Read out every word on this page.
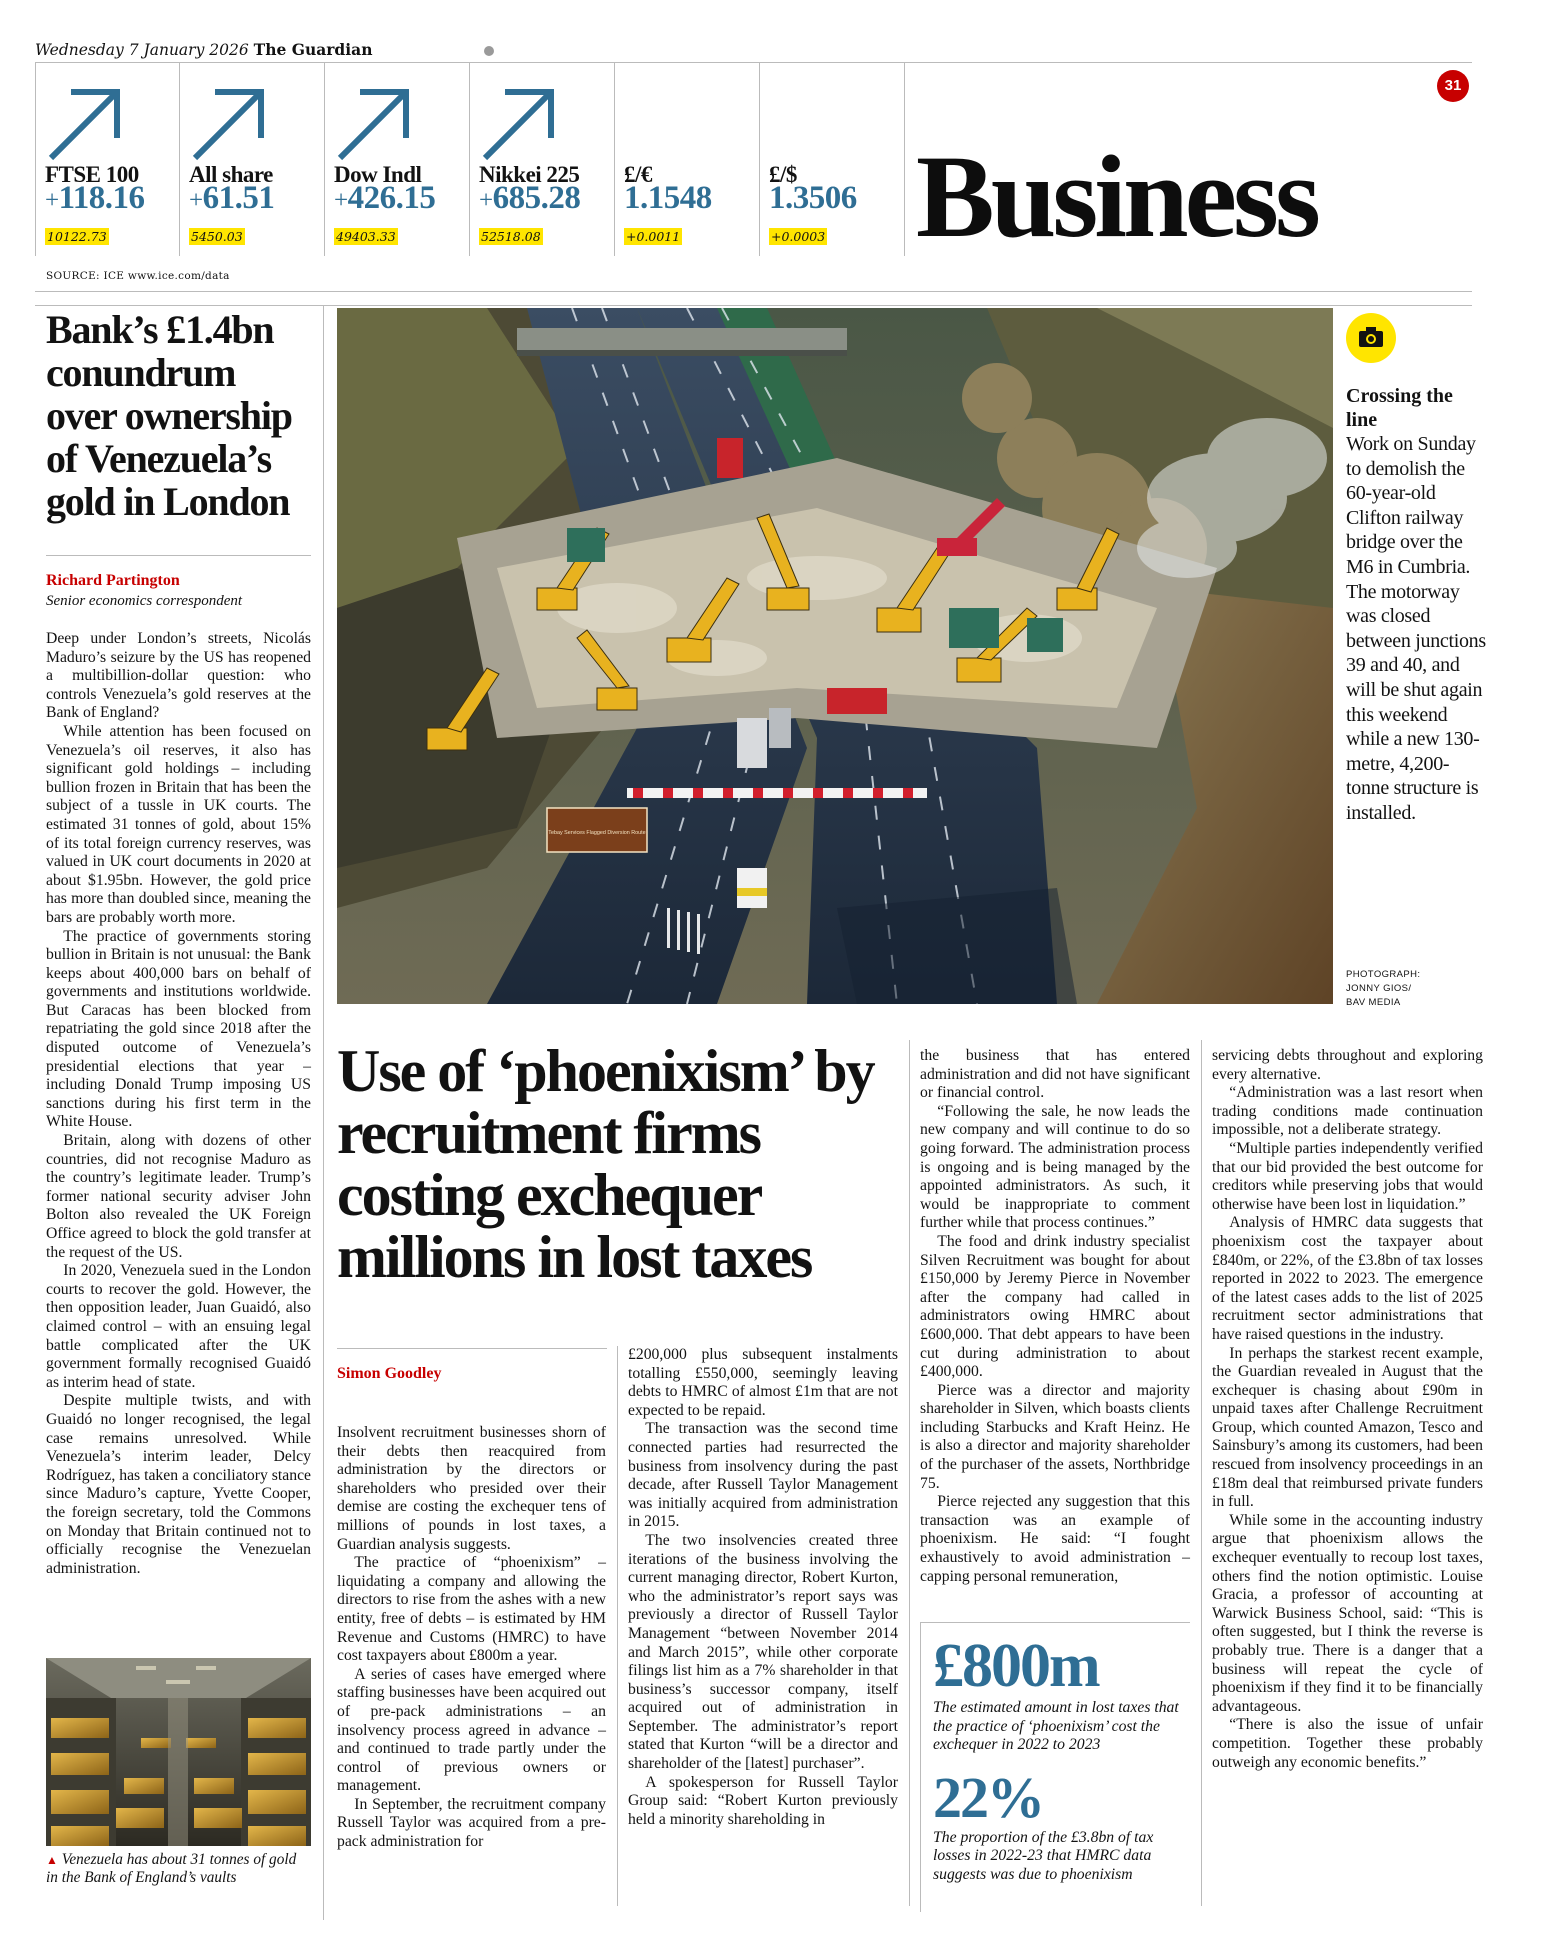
Wednesday 7 January 2026 The Guardian
FTSE 100
+118.16
10122.73
All share
+61.51
5450.03
Dow Indl
+426.15
49403.33
Nikkei 225
+685.28
52518.08
£/€
1.1548
+0.0011
£/$
1.3506
+0.0003
SOURCE: ICE www.ice.com/data
31
Business
Bank’s £1.4bn conundrum over ownership of Venezuela’s gold in London
Richard Partington
Senior economics correspondent

Deep under London’s streets, Nicolás Maduro’s seizure by the US has reopened a multibillion-dollar question: who controls Venezuela’s gold reserves at the Bank of England?

While attention has been focused on Venezuela’s oil reserves, it also has significant gold holdings – including bullion frozen in Britain that has been the subject of a tussle in UK courts. The estimated 31 tonnes of gold, about 15% of its total foreign currency reserves, was valued in UK court documents in 2020 at about $1.95bn. However, the gold price has more than doubled since, meaning the bars are probably worth more.

The practice of governments storing bullion in Britain is not unusual: the Bank keeps about 400,000 bars on behalf of governments and institutions worldwide. But Caracas has been blocked from repatriating the gold since 2018 after the disputed outcome of Venezuela’s presidential elections that year – including Donald Trump imposing US sanctions during his first term in the White House.

Britain, along with dozens of other countries, did not recognise Maduro as the country’s legitimate leader. Trump’s former national security adviser John Bolton also revealed the UK Foreign Office agreed to block the gold transfer at the request of the US.

In 2020, Venezuela sued in the London courts to recover the gold. However, the then opposition leader, Juan Guaidó, also claimed control – with an ensuing legal battle complicated after the UK government formally recognised Guaidó as interim head of state.

Despite multiple twists, and with Guaidó no longer recognised, the legal case remains unresolved. While Venezuela’s interim leader, Delcy Rodríguez, has taken a conciliatory stance since Maduro’s capture, Yvette Cooper, the foreign secretary, told the Commons on Monday that Britain continued not to officially recognise the Venezuelan administration.

▲ Venezuela has about 31 tonnes of gold in the Bank of England’s vaults
Tebay Services Flagged Diversion Route
Crossing the line
Work on Sunday to demolish the 60-year-old Clifton railway bridge over the M6 in Cumbria. The motorway was closed between junctions 39 and 40, and will be shut again this weekend while a new 130-metre, 4,200-tonne structure is installed.
PHOTOGRAPH:
JONNY GIOS/
BAV MEDIA
Use of ‘phoenixism’ by recruitment firms costing exchequer millions in lost taxes
Simon Goodley

Insolvent recruitment businesses shorn of their debts then reacquired from administration by the directors or shareholders who presided over their demise are costing the exchequer tens of millions of pounds in lost taxes, a Guardian analysis suggests.

The practice of “phoenixism” – liquidating a company and allowing the directors to rise from the ashes with a new entity, free of debts – is estimated by HM Revenue and Customs (HMRC) to have cost taxpayers about £800m a year.

A series of cases have emerged where staffing businesses have been acquired out of pre-pack administrations – an insolvency process agreed in advance – and continued to trade partly under the control of previous owners or management.

In September, the recruitment company Russell Taylor was acquired from a pre-pack administration for

£200,000 plus subsequent instalments totalling £550,000, seemingly leaving debts to HMRC of almost £1m that are not expected to be repaid.

The transaction was the second time connected parties had resurrected the business from insolvency during the past decade, after Russell Taylor Management was initially acquired from administration in 2015.

The two insolvencies created three iterations of the business involving the current managing director, Robert Kurton, who the administrator’s report says was previously a director of Russell Taylor Management “between November 2014 and March 2015”, while other corporate filings list him as a 7% shareholder in that business’s successor company, itself acquired out of administration in September. The administrator’s report stated that Kurton “will be a director and shareholder of the [latest] purchaser”.

A spokesperson for Russell Taylor Group said: “Robert Kurton previously held a minority shareholding in

the business that has entered administration and did not have significant or financial control.

“Following the sale, he now leads the new company and will continue to do so going forward. The administration process is ongoing and is being managed by the appointed administrators. As such, it would be inappropriate to comment further while that process continues.”

The food and drink industry specialist Silven Recruitment was bought for about £150,000 by Jeremy Pierce in November after the company had called in administrators owing HMRC about £600,000. That debt appears to have been cut during administration to about £400,000.

Pierce was a director and majority shareholder in Silven, which boasts clients including Starbucks and Kraft Heinz. He is also a director and majority shareholder of the purchaser of the assets, Northbridge 75.

Pierce rejected any suggestion that this transaction was an example of phoenixism. He said: “I fought exhaustively to avoid administration – capping personal remuneration,

£800m
The estimated amount in lost taxes that the practice of ‘phoenixism’ cost the exchequer in 2022 to 2023
22%
The proportion of the £3.8bn of tax losses in 2022-23 that HMRC data suggests was due to phoenixism

servicing debts throughout and exploring every alternative.

“Administration was a last resort when trading conditions made continuation impossible, not a deliberate strategy.

“Multiple parties independently verified that our bid provided the best outcome for creditors while preserving jobs that would otherwise have been lost in liquidation.”

Analysis of HMRC data suggests that phoenixism cost the taxpayer about £840m, or 22%, of the £3.8bn of tax losses reported in 2022 to 2023. The emergence of the latest cases adds to the list of 2025 recruitment sector administrations that have raised questions in the industry.

In perhaps the starkest recent example, the Guardian revealed in August that the exchequer is chasing about £90m in unpaid taxes after Challenge Recruitment Group, which counted Amazon, Tesco and Sainsbury’s among its customers, had been rescued from insolvency proceedings in an £18m deal that reimbursed private funders in full.

While some in the accounting industry argue that phoenixism allows the exchequer eventually to recoup lost taxes, others find the notion optimistic. Louise Gracia, a professor of accounting at Warwick Business School, said: “This is often suggested, but I think the reverse is probably true. There is a danger that a business will repeat the cycle of phoenixism if they find it to be financially advantageous.

“There is also the issue of unfair competition. Together these probably outweigh any economic benefits.”
